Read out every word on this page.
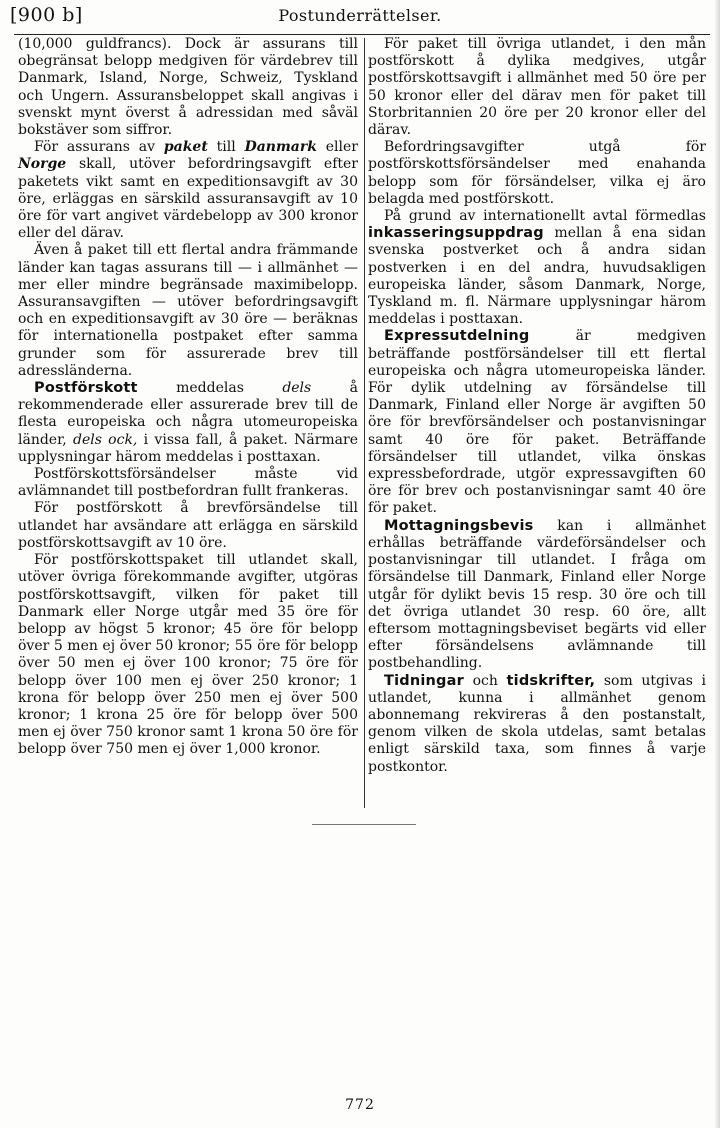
[900 b]	Postunderrättelser.

(10,000 guldfrancs). Dock är assurans till obegränsat belopp medgiven för värdebrev till Danmark, Island, Norge, Schweiz, Tyskland och Ungern. Assuransbeloppet skall angivas i svenskt mynt överst å adressidan med såväl bokstäver som siffror.

För assurans av paket till Danmark eller Norge skall, utöver befordringsavgift efter paketets vikt samt en expeditionsavgift av 30 öre, erläggas en särskild assuransavgift av 10 öre för vart angivet värdebelopp av 300 kronor eller del därav.

Även å paket till ett flertal andra främmande länder kan tagas assurans till — i allmänhet — mer eller mindre begränsade maximibelopp. Assuransavgiften — utöver befordringsavgift och en expeditionsavgift av 30 öre — beräknas för internationella postpaket efter samma grunder som för assurerade brev till adressländerna.

Postförskott meddelas dels å rekommenderade eller assurerade brev till de flesta europeiska och några utomeuropeiska länder, dels ock, i vissa fall, å paket. Närmare upplysningar härom meddelas i posttaxan.

Postförskottsförsändelser måste vid avlämnandet till postbefordran fullt frankeras.

För postförskott å brevförsändelse till utlandet har avsändare att erlägga en särskild postförskottsavgift av 10 öre.

För postförskottspaket till utlandet skall, utöver övriga förekommande avgifter, utgöras postförskottsavgift, vilken för paket till Danmark eller Norge utgår med 35 öre för belopp av högst 5 kronor; 45 öre för belopp över 5 men ej över 50 kronor; 55 öre för belopp över 50 men ej över 100 kronor; 75 öre för belopp över 100 men ej över 250 kronor; 1 krona för belopp över 250 men ej över 500 kronor; 1 krona 25 öre för belopp över 500 men ej över 750 kronor samt 1 krona 50 öre för belopp över 750 men ej över 1,000 kronor.

För paket till övriga utlandet, i den mån postförskott å dylika medgives, utgår postförskottsavgift i allmänhet med 50 öre per 50 kronor eller del därav men för paket till Storbritannien 20 öre per 20 kronor eller del därav.

Befordringsavgifter utgå för postförskottsförsändelser med enahanda belopp som för försändelser, vilka ej äro belagda med postförskott.

På grund av internationellt avtal förmedlas inkasseringsuppdrag mellan å ena sidan svenska postverket och å andra sidan postverken i en del andra, huvudsakligen europeiska länder, såsom Danmark, Norge, Tyskland m. fl. Närmare upplysningar härom meddelas i posttaxan.

Expressutdelning är medgiven beträffande postförsändelser till ett flertal europeiska och några utomeuropeiska länder. För dylik utdelning av försändelse till Danmark, Finland eller Norge är avgiften 50 öre för brevförsändelser och postanvisningar samt 40 öre för paket. Beträffande försändelser till utlandet, vilka önskas expressbefordrade, utgör expressavgiften 60 öre för brev och postanvisningar samt 40 öre för paket.

Mottagningsbevis kan i allmänhet erhållas beträffande värdeförsändelser och postanvisningar till utlandet. I fråga om försändelse till Danmark, Finland eller Norge utgår för dylikt bevis 15 resp. 30 öre och till det övriga utlandet 30 resp. 60 öre, allt eftersom mottagningsbeviset begärts vid eller efter försändelsens avlämnande till postbehandling.

Tidningar och tidskrifter, som utgivas i utlandet, kunna i allmänhet genom abonnemang rekvireras å den postanstalt, genom vilken de skola utdelas, samt betalas enligt särskild taxa, som finnes å varje postkontor.

772
